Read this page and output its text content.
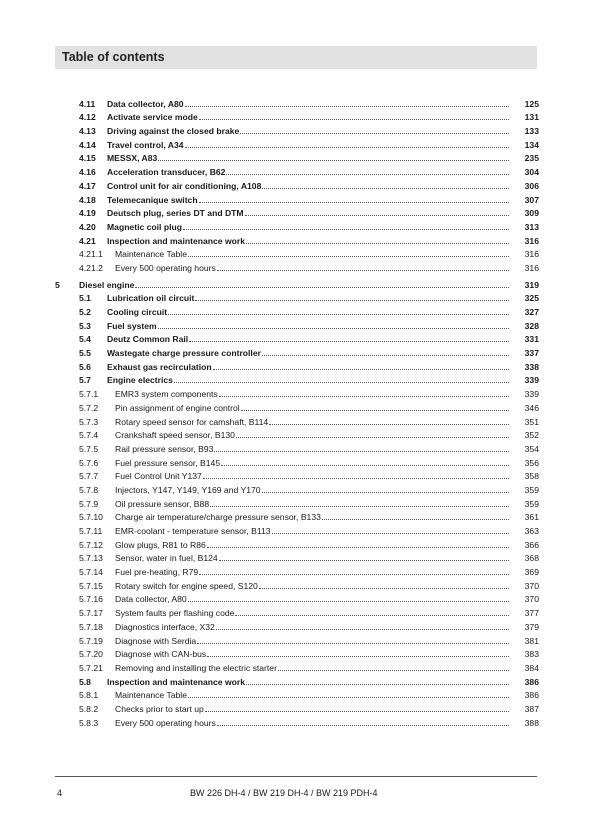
Table of contents
4.11	Data collector, A80	125
4.12	Activate service mode	131
4.13	Driving against the closed brake	133
4.14	Travel control, A34	134
4.15	MESSX, A83	235
4.16	Acceleration transducer, B62	304
4.17	Control unit for air conditioning, A108	306
4.18	Telemecanique switch	307
4.19	Deutsch plug, series DT and DTM	309
4.20	Magnetic coil plug	313
4.21	Inspection and maintenance work	316
4.21.1	Maintenance Table	316
4.21.2	Every 500 operating hours	316
5	Diesel engine	319
5.1	Lubrication oil circuit	325
5.2	Cooling circuit	327
5.3	Fuel system	328
5.4	Deutz Common Rail	331
5.5	Wastegate charge pressure controller	337
5.6	Exhaust gas recirculation	338
5.7	Engine electrics	339
5.7.1	EMR3 system components	339
5.7.2	Pin assignment of engine control	346
5.7.3	Rotary speed sensor for camshaft, B114	351
5.7.4	Crankshaft speed sensor, B130	352
5.7.5	Rail pressure sensor, B93	354
5.7.6	Fuel pressure sensor, B145	356
5.7.7	Fuel Control Unit Y137	358
5.7.8	Injectors, Y147, Y149, Y169 and Y170	359
5.7.9	Oil pressure sensor, B88	359
5.7.10	Charge air temperature/charge pressure sensor, B133	361
5.7.11	EMR-coolant - temperature sensor, B113	363
5.7.12	Glow plugs, R81 to R86	366
5.7.13	Sensor, water in fuel, B124	368
5.7.14	Fuel pre-heating, R79	369
5.7.15	Rotary switch for engine speed, S120	370
5.7.16	Data collector, A80	370
5.7.17	System faults per flashing code	377
5.7.18	Diagnostics interface, X32	379
5.7.19	Diagnose with Serdia	381
5.7.20	Diagnose with CAN-bus	383
5.7.21	Removing and installing the electric starter	384
5.8	Inspection and maintenance work	386
5.8.1	Maintenance Table	386
5.8.2	Checks prior to start up	387
5.8.3	Every 500 operating hours	388
4	BW 226 DH-4 / BW 219 DH-4 / BW 219 PDH-4
